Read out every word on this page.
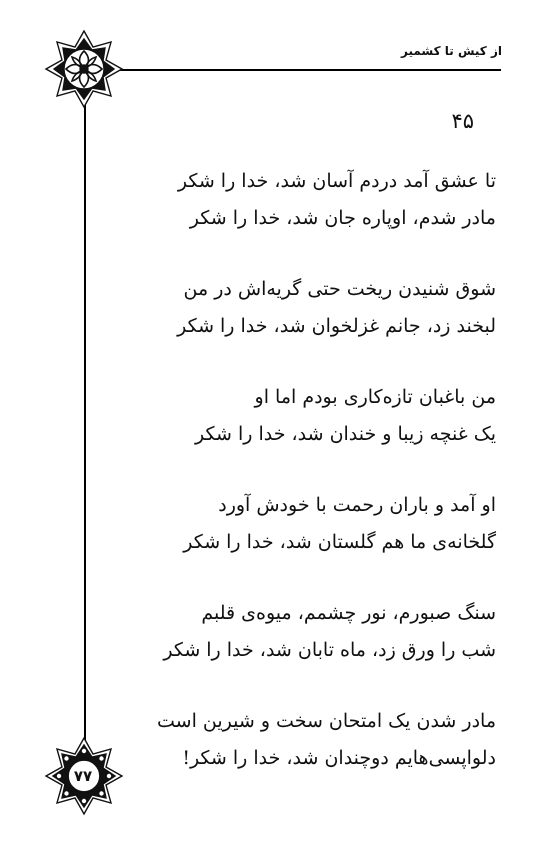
از کیش تا کشمیر
۴۵
تا عشق آمد دردم آسان شد، خدا را شکر
مادر شدم، اوپاره جان شد، خدا را شکر
شوق شنیدن ریخت حتی گریه‌اش در من
لبخند زد، جانم غزلخوان شد، خدا را شکر
من باغبان تازه‌کاری بودم اما او
یک غنچه زیبا و خندان شد، خدا را شکر
او آمد و باران رحمت با خودش آورد
گلخانه‌ی ما هم گلستان شد، خدا را شکر
سنگ صبورم، نور چشمم، میوه‌ی قلبم
شب را ورق زد، ماه تابان شد، خدا را شکر
مادر شدن یک امتحان سخت و شیرین است
دلواپسی‌هایم دوچندان شد، خدا را شکر!
۷۷
